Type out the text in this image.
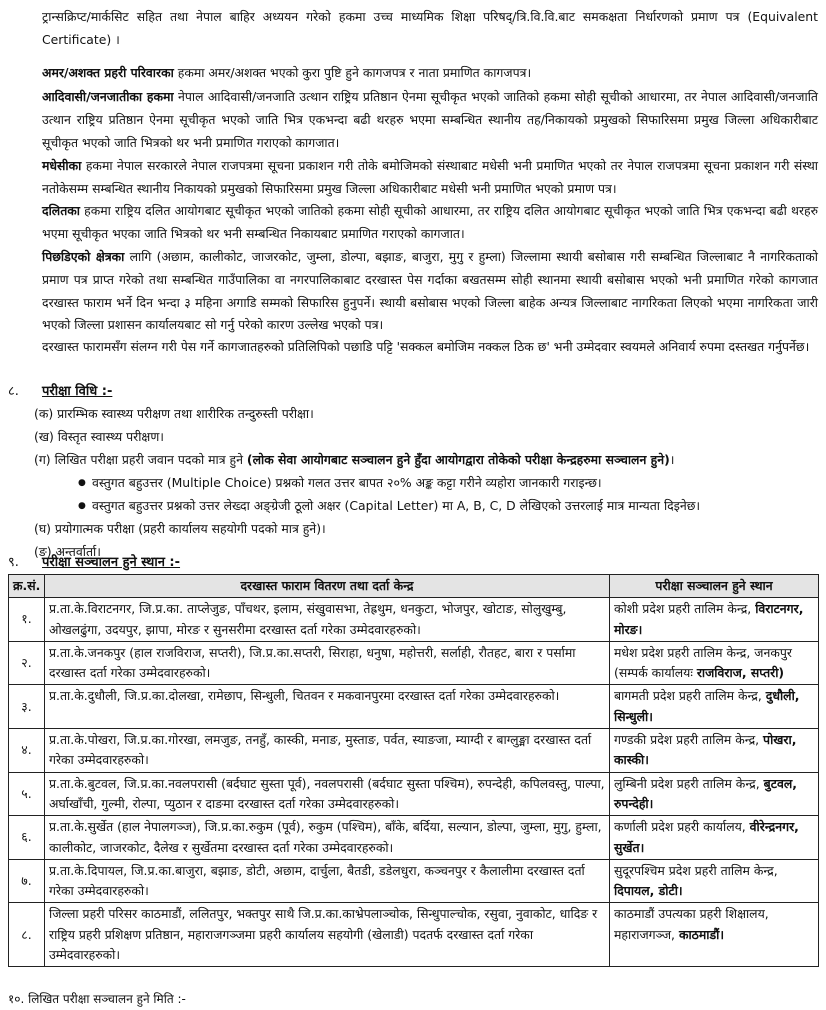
ट्रान्सक्रिप्ट/मार्कसिट सहित तथा नेपाल बाहिर अध्ययन गरेको हकमा उच्च माध्यमिक शिक्षा परिषद्/त्रि.वि.वि.बाट समकक्षता निर्धारणको प्रमाण पत्र (Equivalent Certificate) ।
अमर/अशक्त प्रहरी परिवारका हकमा अमर/अशक्त भएको कुरा पुष्टि हुने कागजपत्र र नाता प्रमाणित कागजपत्र।
आदिवासी/जनजातीका हकमा नेपाल आदिवासी/जनजाति उत्थान राष्ट्रिय प्रतिष्ठान ऐनमा सूचीकृत भएको जातिको हकमा सोही सूचीको आधारमा, तर नेपाल आदिवासी/जनजाति उत्थान राष्ट्रिय प्रतिष्ठान ऐनमा सूचीकृत भएको जाति भित्र एकभन्दा बढी थरहरु भएमा सम्बन्धित स्थानीय तह/निकायको प्रमुखको सिफारिसमा प्रमुख जिल्ला अधिकारीबाट सूचीकृत भएको जाति भित्रको थर भनी प्रमाणित गराएको कागजात।
मधेसीका हकमा नेपाल सरकारले नेपाल राजपत्रमा सूचना प्रकाशन गरी तोके बमोजिमको संस्थाबाट मधेसी भनी प्रमाणित भएको तर नेपाल राजपत्रमा सूचना प्रकाशन गरी संस्था नतोकेसम्म सम्बन्धित स्थानीय निकायको प्रमुखको सिफारिसमा प्रमुख जिल्ला अधिकारीबाट मधेसी भनी प्रमाणित भएको प्रमाण पत्र।
दलितका हकमा राष्ट्रिय दलित आयोगबाट सूचीकृत भएको जातिको हकमा सोही सूचीको आधारमा, तर राष्ट्रिय दलित आयोगबाट सूचीकृत भएको जाति भित्र एकभन्दा बढी थरहरु भएमा सूचीकृत भएका जाति भित्रको थर भनी सम्बन्धित निकायबाट प्रमाणित गराएको कागजात।
पिछडिएको क्षेत्रका लागि (अछाम, कालीकोट, जाजरकोट, जुम्ला, डोल्पा, बझाङ, बाजुरा, मुगु र हुम्ला) जिल्लामा स्थायी बसोबास गरी सम्बन्धित जिल्लाबाट नै नागरिकताको प्रमाण पत्र प्राप्त गरेको तथा सम्बन्धित गाउँपालिका वा नगरपालिकाबाट दरखास्त पेस गर्दाका बखतसम्म सोही स्थानमा स्थायी बसोबास भएको भनी प्रमाणित गरेको कागजात दरखास्त फाराम भर्ने दिन भन्दा ३ महिना अगाडि सम्मको सिफारिस हुनुपर्ने। स्थायी बसोबास भएको जिल्ला बाहेक अन्यत्र जिल्लाबाट नागरिकता लिएको भएमा नागरिकता जारी भएको जिल्ला प्रशासन कार्यालयबाट सो गर्नु परेको कारण उल्लेख भएको पत्र।
दरखास्त फारामसँग संलग्न गरी पेस गर्ने कागजातहरुको प्रतिलिपिको पछाडि पट्टि 'सक्कल बमोजिम नक्कल ठिक छ' भनी उम्मेदवार स्वयमले अनिवार्य रुपमा दस्तखत गर्नुपर्नेछ।
८. परीक्षा विधि :-
(क) प्रारम्भिक स्वास्थ्य परीक्षण तथा शारीरिक तन्दुरुस्ती परीक्षा।
(ख) विस्तृत स्वास्थ्य परीक्षण।
(ग) लिखित परीक्षा प्रहरी जवान पदको मात्र हुने (लोक सेवा आयोगबाट सञ्चालन हुने हुँदा आयोगद्वारा तोकेको परीक्षा केन्द्रहरुमा सञ्चालन हुने)।
● वस्तुगत बहुउत्तर (Multiple Choice) प्रश्नको गलत उत्तर बापत २०% अङ्क कट्टा गरीने व्यहोरा जानकारी गराइन्छ।
● वस्तुगत बहुउत्तर प्रश्नको उत्तर लेख्दा अङ्ग्रेजी ठूलो अक्षर (Capital Letter) मा A, B, C, D लेखिएको उत्तरलाई मात्र मान्यता दिइनेछ।
(घ) प्रयोगात्मक परीक्षा (प्रहरी कार्यालय सहयोगी पदको मात्र हुने)।
(ङ) अन्तर्वार्ता।
९. परीक्षा सञ्चालन हुने स्थान :-
क्र.सं.	दरखास्त फाराम वितरण तथा दर्ता केन्द्र	परीक्षा सञ्चालन हुने स्थान
१.	प्र.ता.के.विराटनगर, जि.प्र.का. ताप्लेजुङ, पाँचथर, इलाम, संखुवासभा, तेह्रथुम, धनकुटा, भोजपुर, खोटाङ, सोलुखुम्बु, ओखलढुंगा, उदयपुर, झापा, मोरङ र सुनसरीमा दरखास्त दर्ता गरेका उम्मेदवारहरुको।	कोशी प्रदेश प्रहरी तालिम केन्द्र, विराटनगर, मोरङ।
२.	प्र.ता.के.जनकपुर (हाल राजविराज, सप्तरी), जि.प्र.का.सप्तरी, सिराहा, धनुषा, महोत्तरी, सर्लाही, रौतहट, बारा र पर्सामा दरखास्त दर्ता गरेका उम्मेदवारहरुको।	मधेश प्रदेश प्रहरी तालिम केन्द्र, जनकपुर (सम्पर्क कार्यालयः राजविराज, सप्तरी)
३.	प्र.ता.के.दुधौली, जि.प्र.का.दोलखा, रामेछाप, सिन्धुली, चितवन र मकवानपुरमा दरखास्त दर्ता गरेका उम्मेदवारहरुको।	बागमती प्रदेश प्रहरी तालिम केन्द्र, दुधौली, सिन्धुली।
४.	प्र.ता.के.पोखरा, जि.प्र.का.गोरखा, लमजुङ, तनहुँ, कास्की, मनाङ, मुस्ताङ, पर्वत, स्याङजा, म्याग्दी र बाग्लुङ्मा दरखास्त दर्ता गरेका उम्मेदवारहरुको।	गण्डकी प्रदेश प्रहरी तालिम केन्द्र, पोखरा, कास्की।
५.	प्र.ता.के.बुटवल, जि.प्र.का.नवलपरासी (बर्दघाट सुस्ता पूर्व), नवलपरासी (बर्दघाट सुस्ता पश्चिम), रुपन्देही, कपिलवस्तु, पाल्पा, अर्घाखाँची, गुल्मी, रोल्पा, प्युठान र दाङमा दरखास्त दर्ता गरेका उम्मेदवारहरुको।	लुम्बिनी प्रदेश प्रहरी तालिम केन्द्र, बुटवल, रुपन्देही।
६.	प्र.ता.के.सुर्खेत (हाल नेपालगञ्ज), जि.प्र.का.रुकुम (पूर्व), रुकुम (पश्चिम), बाँके, बर्दिया, सल्यान, डोल्पा, जुम्ला, मुगु, हुम्ला, कालीकोट, जाजरकोट, दैलेख र सुर्खेतमा दरखास्त दर्ता गरेका उम्मेदवारहरुको।	कर्णाली प्रदेश प्रहरी कार्यालय, वीरेन्द्रनगर, सुर्खेत।
७.	प्र.ता.के.दिपायल, जि.प्र.का.बाजुरा, बझाङ, डोटी, अछाम, दार्चुला, बैतडी, डडेलधुरा, कञ्चनपुर र कैलालीमा दरखास्त दर्ता गरेका उम्मेदवारहरुको।	सुदूरपश्चिम प्रदेश प्रहरी तालिम केन्द्र, दिपायल, डोटी।
८.	जिल्ला प्रहरी परिसर काठमाडौं, ललितपुर, भक्तपुर साथै जि.प्र.का.काभ्रेपलाञ्चोक, सिन्धुपाल्चोक, रसुवा, नुवाकोट, धादिङ र राष्ट्रिय प्रहरी प्रशिक्षण प्रतिष्ठान, महाराजगञ्जमा प्रहरी कार्यालय सहयोगी (खेलाडी) पदतर्फ दरखास्त दर्ता गरेका उम्मेदवारहरुको।	काठमाडौं उपत्यका प्रहरी शिक्षालय, महाराजगञ्ज, काठमाडौं।
१०. लिखित परीक्षा सञ्चालन हुने मिति :-
